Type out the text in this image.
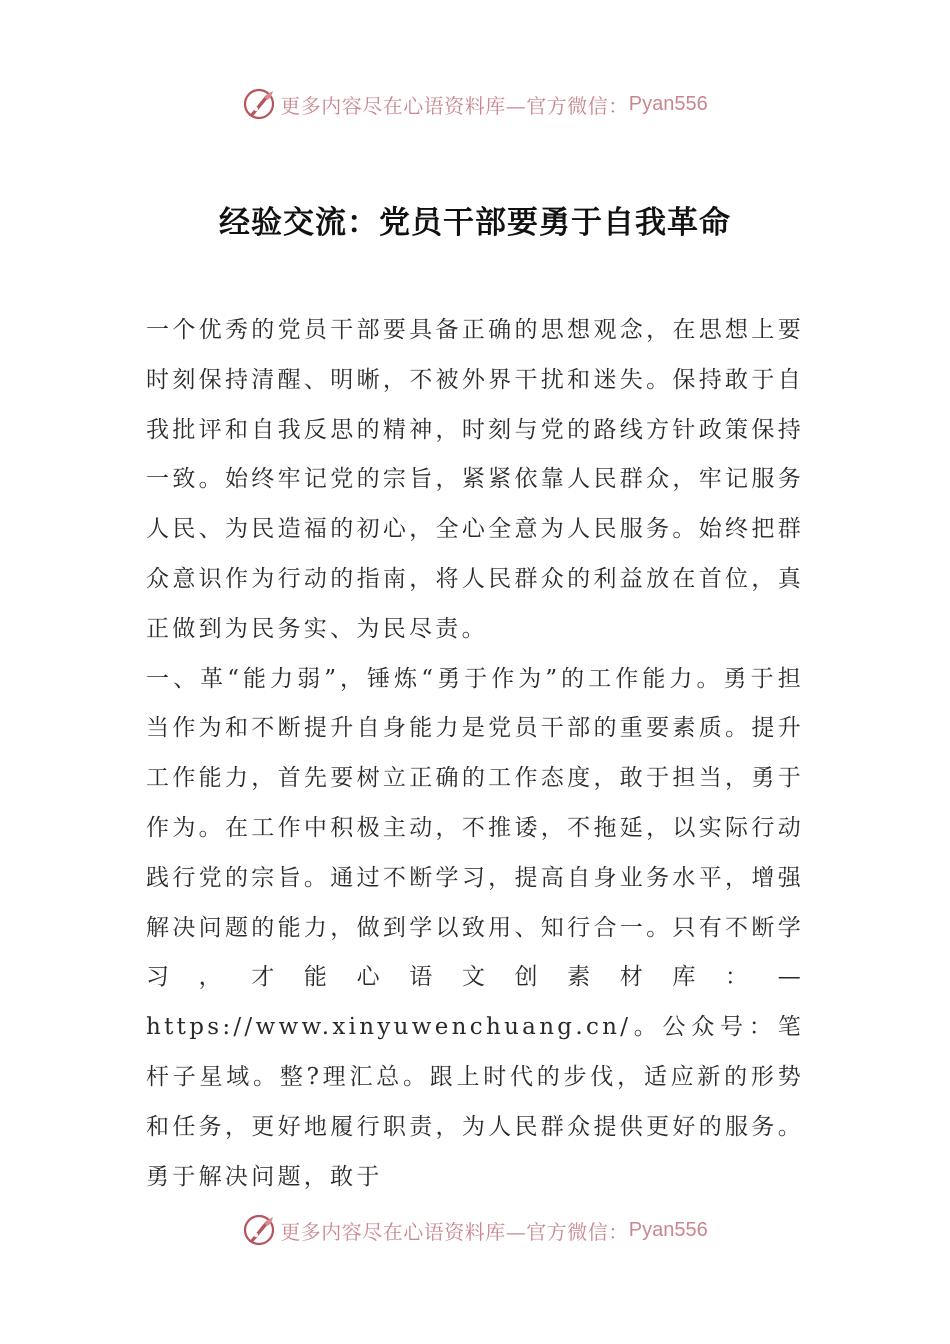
更多内容尽在心语资料库—官方微信： Pyan556
经验交流：党员干部要勇于自我革命

一个优秀的党员干部要具备正确的思想观念，在思想上要时刻保持清醒、明晰，不被外界干扰和迷失。保持敢于自我批评和自我反思的精神，时刻与党的路线方针政策保持一致。始终牢记党的宗旨，紧紧依靠人民群众，牢记服务人民、为民造福的初心，全心全意为人民服务。始终把群众意识作为行动的指南，将人民群众的利益放在首位，真正做到为民务实、为民尽责。

一、革“能力弱”，锤炼“勇于作为”的工作能力。勇于担当作为和不断提升自身能力是党员干部的重要素质。提升工作能力，首先要树立正确的工作态度，敢于担当，勇于作为。在工作中积极主动，不推诿，不拖延，以实际行动践行党的宗旨。通过不断学习，提高自身业务水平，增强解决问题的能力，做到学以致用、知行合一。只有不断学习，才能心语文创素材库：—https://www.xinyuwenchuang.cn/。公众号：笔杆子星域。整?理汇总。跟上时代的步伐，适应新的形势和任务，更好地履行职责，为人民群众提供更好的服务。勇于解决问题，敢于

更多内容尽在心语资料库—官方微信： Pyan556
